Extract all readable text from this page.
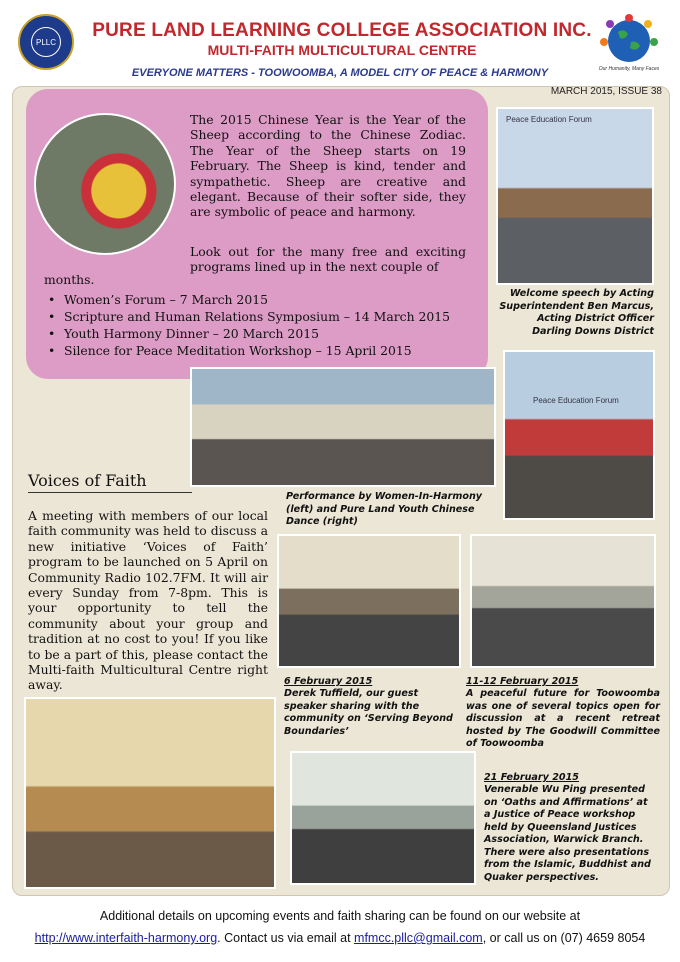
PLLC
PURE LAND LEARNING COLLEGE ASSOCIATION INC.
MULTI-FAITH MULTICULTURAL CENTRE
Our Humanity, Many Faces
EVERYONE MATTERS - TOOWOOMBA, A MODEL CITY OF PEACE & HARMONY
MARCH 2015, ISSUE 38
The 2015 Chinese Year is the Year of the Sheep according to the Chinese Zodiac. The Year of the Sheep starts on 19 February. The Sheep is kind, tender and sympathetic. Sheep are creative and elegant. Because of their softer side, they are symbolic of peace and harmony.
Look out for the many free and exciting programs lined up in the next couple of
months.
• Women’s Forum – 7 March 2015
• Scripture and Human Relations Symposium – 14 March 2015
• Youth Harmony Dinner – 20 March 2015
• Silence for Peace Meditation Workshop – 15 April 2015
Peace Education Forum
Welcome speech by Acting Superintendent Ben Marcus, Acting District Officer Darling Downs District
Peace Education Forum
Performance by Women-In-Harmony (left) and Pure Land Youth Chinese Dance (right)
Voices of Faith
A meeting with members of our local faith community was held to discuss a new initiative ‘Voices of Faith’ program to be launched on 5 April on Community Radio 102.7FM. It will air every Sunday from 7-8pm. This is your opportunity to tell the community about your group and tradition at no cost to you! If you like to be a part of this, please contact the Multi-faith Multicultural Centre right away.	6 February 2015
Derek Tuffield, our guest speaker sharing with the community on ‘Serving Beyond Boundaries’
11-12 February 2015
A peaceful future for Toowoomba was one of several topics open for discussion at a recent retreat hosted by The Goodwill Committee of Toowoomba
21 February 2015
Venerable Wu Ping presented on ‘Oaths and Affirmations’ at a Justice of Peace workshop held by Queensland Justices Association, Warwick Branch. There were also presentations from the Islamic, Buddhist and Quaker perspectives.
Additional details on upcoming events and faith sharing can be found on our website at
http://www.interfaith-harmony.org. Contact us via email at mfmcc.pllc@gmail.com, or call us on (07) 4659 8054
